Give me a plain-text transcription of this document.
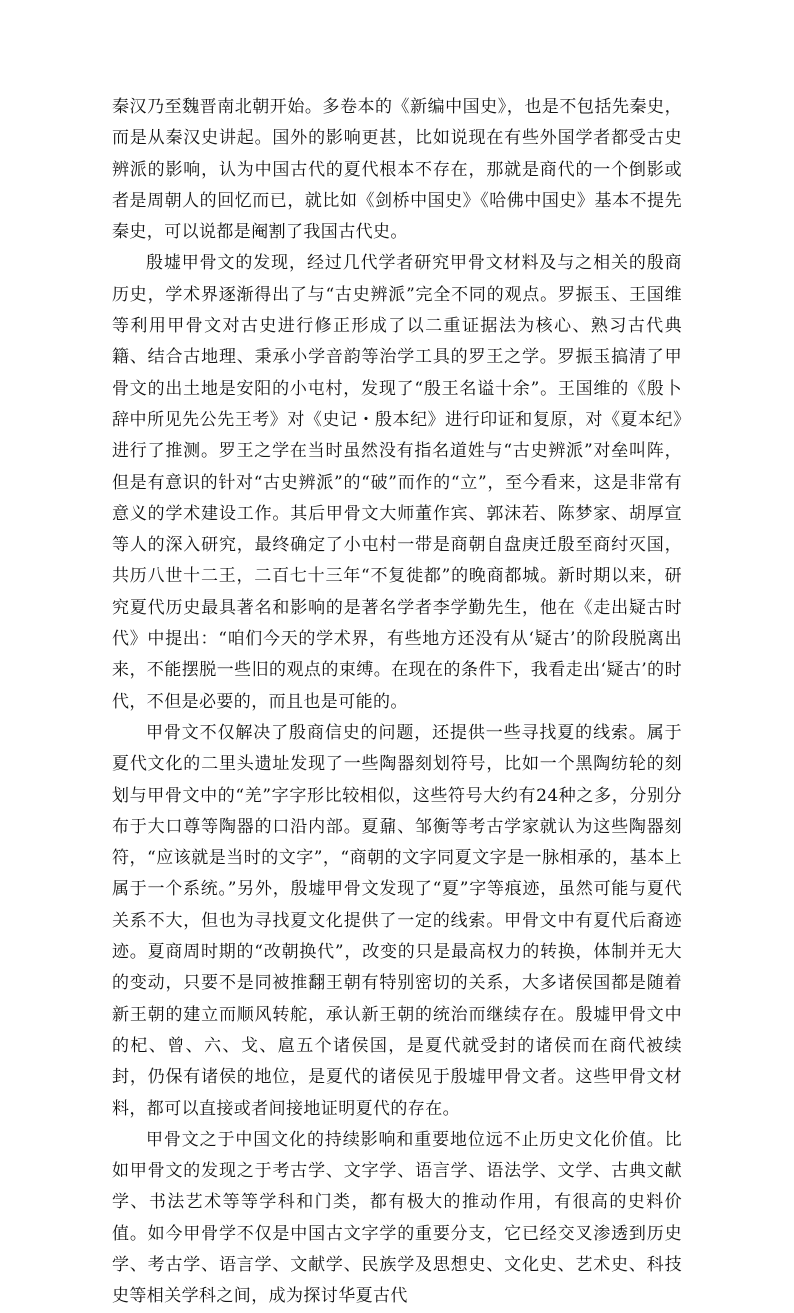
秦汉乃至魏晋南北朝开始。多卷本的《新编中国史》，也是不包括先秦史，而是从秦汉史讲起。国外的影响更甚，比如说现在有些外国学者都受古史辨派的影响，认为中国古代的夏代根本不存在，那就是商代的一个倒影或者是周朝人的回忆而已，就比如《剑桥中国史》《哈佛中国史》基本不提先秦史，可以说都是阉割了我国古代史。

殷墟甲骨文的发现，经过几代学者研究甲骨文材料及与之相关的殷商历史，学术界逐渐得出了与“古史辨派”完全不同的观点。罗振玉、王国维等利用甲骨文对古史进行修正形成了以二重证据法为核心、熟习古代典籍、结合古地理、秉承小学音韵等治学工具的罗王之学。罗振玉搞清了甲骨文的出土地是安阳的小屯村，发现了“殷王名谥十余”。王国维的《殷卜辞中所见先公先王考》对《史记・殷本纪》进行印证和复原，对《夏本纪》进行了推测。罗王之学在当时虽然没有指名道姓与“古史辨派”对垒叫阵，但是有意识的针对“古史辨派”的“破”而作的“立”，至今看来，这是非常有意义的学术建设工作。其后甲骨文大师董作宾、郭沫若、陈梦家、胡厚宣等人的深入研究，最终确定了小屯村一带是商朝自盘庚迁殷至商纣灭国，共历八世十二王，二百七十三年“不复徙都”的晚商都城。新时期以来，研究夏代历史最具著名和影响的是著名学者李学勤先生，他在《走出疑古时代》中提出：“咱们今天的学术界，有些地方还没有从‘疑古’的阶段脱离出来，不能摆脱一些旧的观点的束缚。在现在的条件下，我看走出‘疑古’的时代，不但是必要的，而且也是可能的。

甲骨文不仅解决了殷商信史的问题，还提供一些寻找夏的线索。属于夏代文化的二里头遗址发现了一些陶器刻划符号，比如一个黑陶纺轮的刻划与甲骨文中的“羌”字字形比较相似，这些符号大约有24种之多，分别分布于大口尊等陶器的口沿内部。夏鼐、邹衡等考古学家就认为这些陶器刻符，“应该就是当时的文字”，“商朝的文字同夏文字是一脉相承的，基本上属于一个系统。”另外，殷墟甲骨文发现了“夏”字等痕迹，虽然可能与夏代关系不大，但也为寻找夏文化提供了一定的线索。甲骨文中有夏代后裔迹迹。夏商周时期的“改朝换代”，改变的只是最高权力的转换，体制并无大的变动，只要不是同被推翻王朝有特别密切的关系，大多诸侯国都是随着新王朝的建立而顺风转舵，承认新王朝的统治而继续存在。殷墟甲骨文中的杞、曾、六、戈、扈五个诸侯国，是夏代就受封的诸侯而在商代被续封，仍保有诸侯的地位，是夏代的诸侯见于殷墟甲骨文者。这些甲骨文材料，都可以直接或者间接地证明夏代的存在。

甲骨文之于中国文化的持续影响和重要地位远不止历史文化价值。比如甲骨文的发现之于考古学、文字学、语言学、语法学、文学、古典文献学、书法艺术等等学科和门类，都有极大的推动作用，有很高的史料价值。如今甲骨学不仅是中国古文字学的重要分支，它已经交叉渗透到历史学、考古学、语言学、文献学、民族学及思想史、文化史、艺术史、科技史等相关学科之间，成为探讨华夏古代
